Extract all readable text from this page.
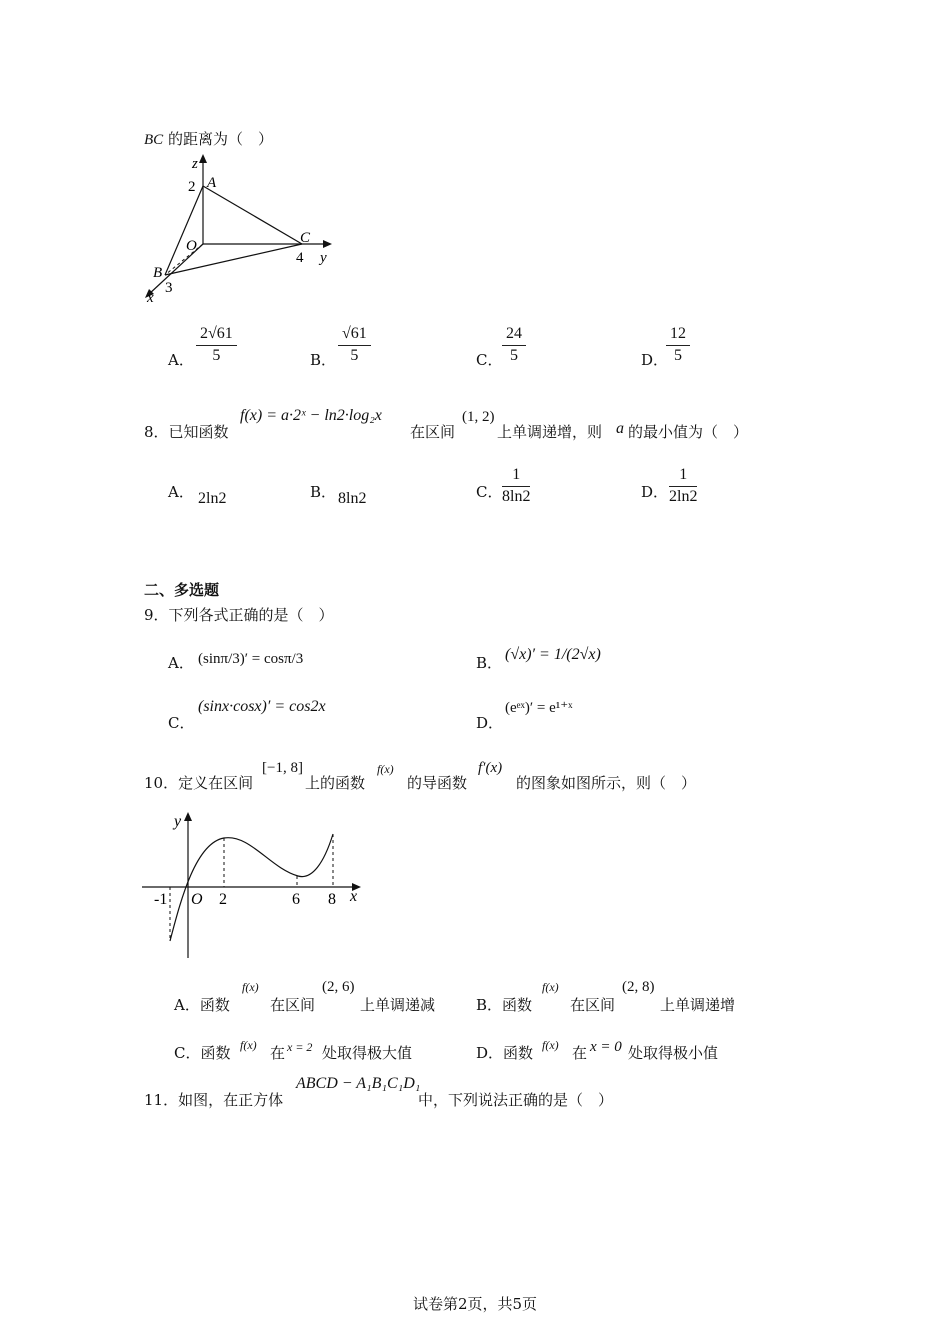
BC 的距离为（　）
z
2 A
O	C
4 y
B
3
x
A． $\frac{2√61}{5}$	B． $\frac{√61}{5}$	C． $\frac{24}{5}$	D．
$\frac{12}{5}$
8．已知函数
f(x) = a·2ˣ − ln2·log₂x
在区间
(1, 2)
上单调递增，则 a 的最小值为（　）
A． 2ln2	B． 8ln2	C． $\frac{1}{8\ln 2}$	D． $\frac{1}{2\ln 2}$
二、多选题
9．下列各式正确的是（　）
A． (sinπ/3)′ = cosπ/3	B． (√x)′ = 1/(2√x)
C．
(sinx·cosx)′ = cos2x
D．
(eᵉˣ)′ = e¹⁺ˣ
10．定义在区间
[−1, 8]
上的函数
f(x)
的导函数
f′(x)
的图象如图所示，则（　）
y
x
O
-1	2	6 8
A．函数
f(x)
在区间
(2, 6)
上单调递减	B．函数
f(x)
在区间
(2, 8)
上单调递增
C．函数 f(x) 在 x = 2 处取得极大值	D．函数 f(x) 在 x = 0 处取得极小值
11．如图，在正方体
ABCD − A₁B₁C₁D₁
中，下列说法正确的是（　）
试卷第2页，共5页
